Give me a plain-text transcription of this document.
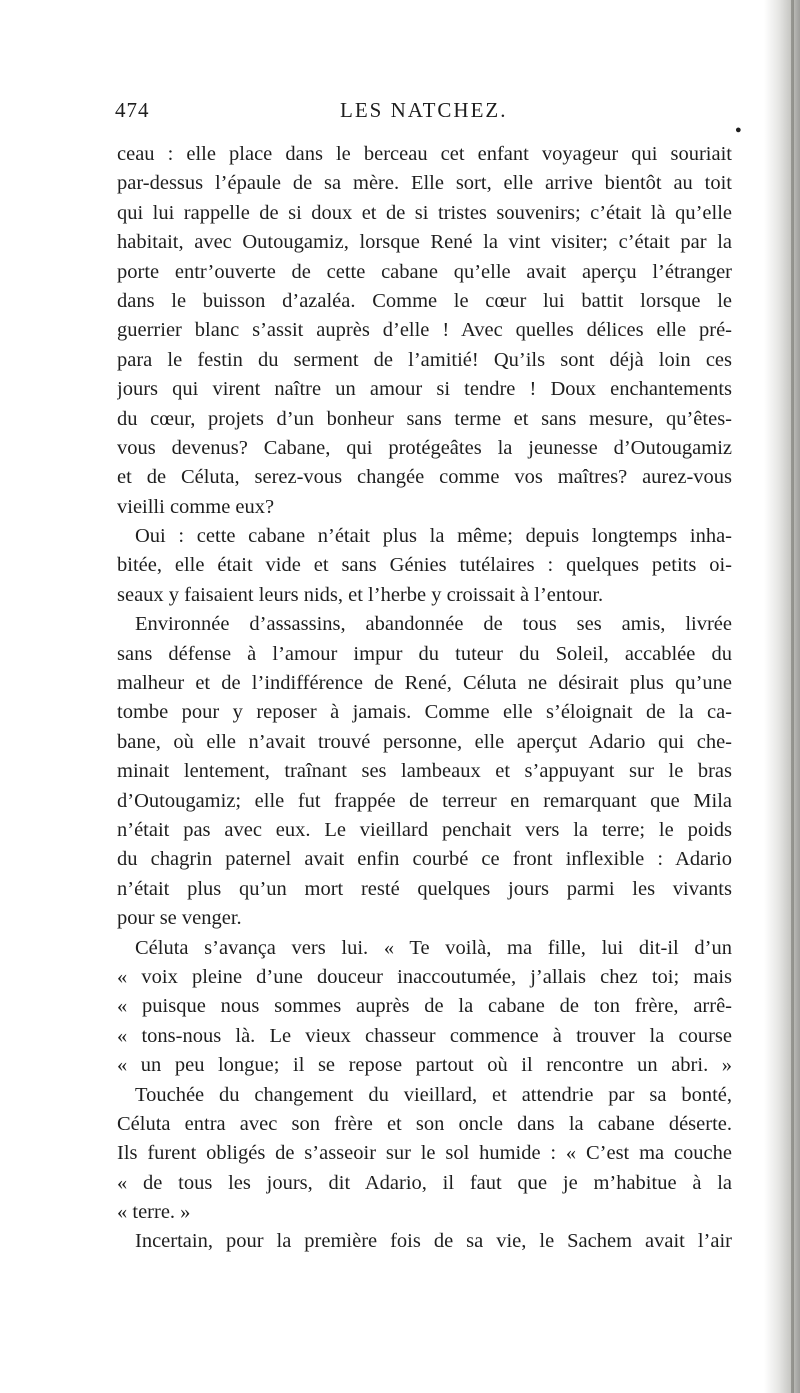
474	LES NATCHEZ.
●
ceau : elle place dans le berceau cet enfant voyageur qui souriait
par-dessus l’épaule de sa mère. Elle sort, elle arrive bientôt au toit
qui lui rappelle de si doux et de si tristes souvenirs; c’était là qu’elle
habitait, avec Outougamiz, lorsque René la vint visiter; c’était par la
porte entr’ouverte de cette cabane qu’elle avait aperçu l’étranger
dans le buisson d’azaléa. Comme le cœur lui battit lorsque le
guerrier blanc s’assit auprès d’elle ! Avec quelles délices elle pré-
para le festin du serment de l’amitié! Qu’ils sont déjà loin ces
jours qui virent naître un amour si tendre ! Doux enchantements
du cœur, projets d’un bonheur sans terme et sans mesure, qu’êtes-
vous devenus? Cabane, qui protégeâtes la jeunesse d’Outougamiz
et de Céluta, serez-vous changée comme vos maîtres? aurez-vous
vieilli comme eux?
Oui : cette cabane n’était plus la même; depuis longtemps inha-
bitée, elle était vide et sans Génies tutélaires : quelques petits oi-
seaux y faisaient leurs nids, et l’herbe y croissait à l’entour.
Environnée d’assassins, abandonnée de tous ses amis, livrée
sans défense à l’amour impur du tuteur du Soleil, accablée du
malheur et de l’indifférence de René, Céluta ne désirait plus qu’une
tombe pour y reposer à jamais. Comme elle s’éloignait de la ca-
bane, où elle n’avait trouvé personne, elle aperçut Adario qui che-
minait lentement, traînant ses lambeaux et s’appuyant sur le bras
d’Outougamiz; elle fut frappée de terreur en remarquant que Mila
n’était pas avec eux. Le vieillard penchait vers la terre; le poids
du chagrin paternel avait enfin courbé ce front inflexible : Adario
n’était plus qu’un mort resté quelques jours parmi les vivants
pour se venger.
Céluta s’avança vers lui. « Te voilà, ma fille, lui dit-il d’un
« voix pleine d’une douceur inaccoutumée, j’allais chez toi; mais
« puisque nous sommes auprès de la cabane de ton frère, arrê-
« tons-nous là. Le vieux chasseur commence à trouver la course
« un peu longue; il se repose partout où il rencontre un abri. »
Touchée du changement du vieillard, et attendrie par sa bonté,
Céluta entra avec son frère et son oncle dans la cabane déserte.
Ils furent obligés de s’asseoir sur le sol humide : « C’est ma couche
« de tous les jours, dit Adario, il faut que je m’habitue à la
« terre. »
Incertain, pour la première fois de sa vie, le Sachem avait l’air
